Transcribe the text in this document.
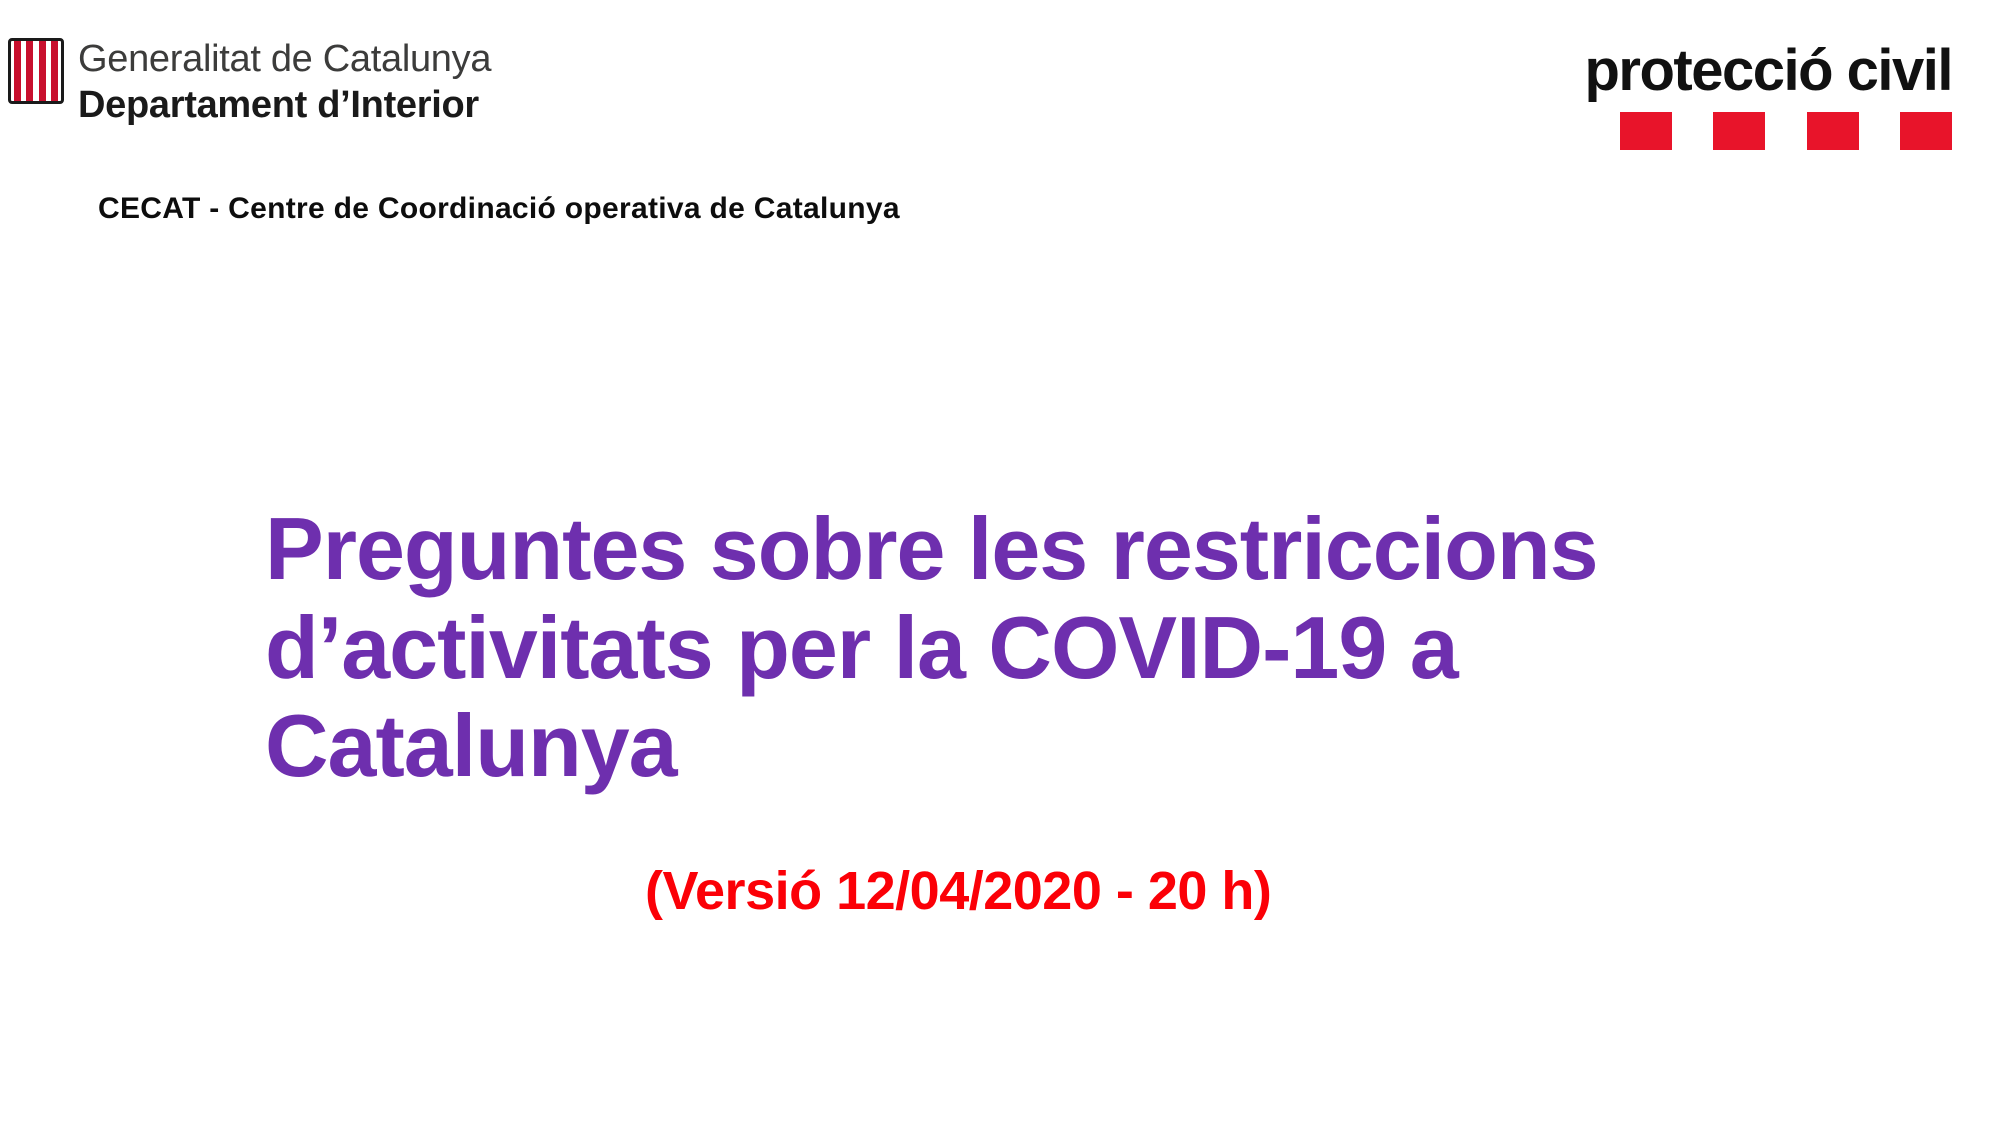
Generalitat de Catalunya
Departament d’Interior
CECAT - Centre de Coordinació operativa de Catalunya
protecció civil
Preguntes sobre les restriccions d’activitats per la COVID-19 a Catalunya
(Versió 12/04/2020 - 20 h)
